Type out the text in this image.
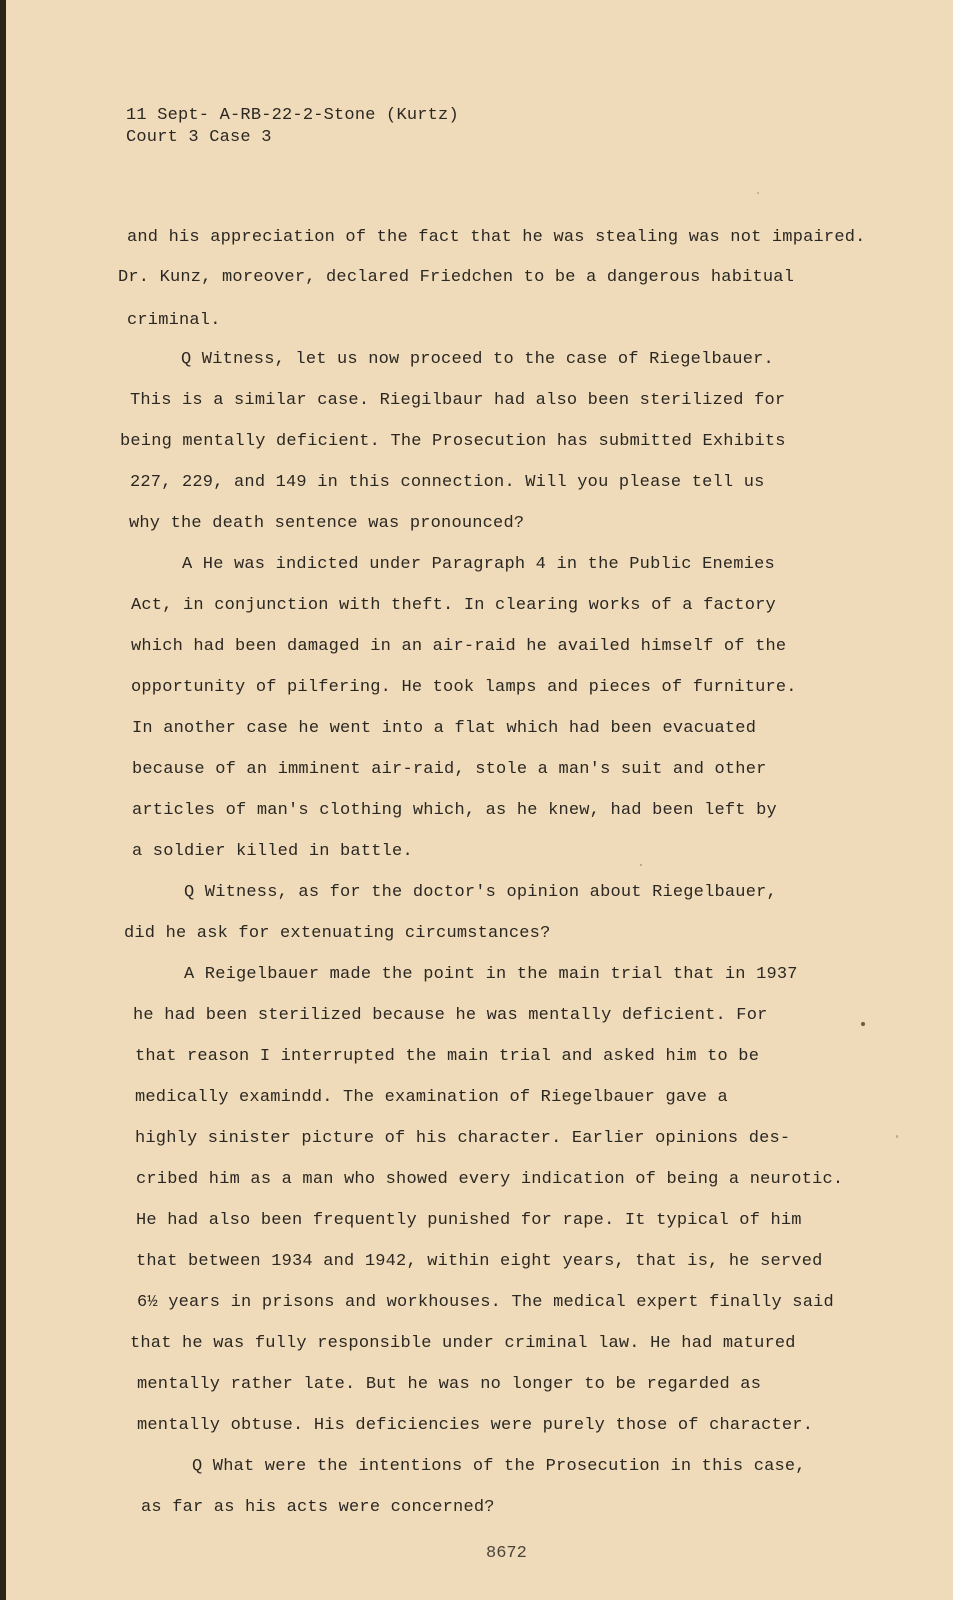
11 Sept- A-RB-22-2-Stone (Kurtz)
Court 3 Case 3
and his appreciation of the fact that he was stealing was not impaired.
Dr. Kunz, moreover, declared Friedchen to be a dangerous habitual
criminal.
Q Witness, let us now proceed to the case of Riegelbauer.
This is a similar case. Riegilbaur had also been sterilized for
being mentally deficient. The Prosecution has submitted Exhibits
227, 229, and 149 in this connection. Will you please tell us
why the death sentence was pronounced?
A He was indicted under Paragraph 4 in the Public Enemies
Act, in conjunction with theft. In clearing works of a factory
which had been damaged in an air-raid he availed himself of the
opportunity of pilfering. He took lamps and pieces of furniture.
In another case he went into a flat which had been evacuated
because of an imminent air-raid, stole a man's suit and other
articles of man's clothing which, as he knew, had been left by
a soldier killed in battle.
Q Witness, as for the doctor's opinion about Riegelbauer,
did he ask for extenuating circumstances?
A Reigelbauer made the point in the main trial that in 1937
he had been sterilized because he was mentally deficient. For
that reason I interrupted the main trial and asked him to be
medically examindd. The examination of Riegelbauer gave a
highly sinister picture of his character. Earlier opinions des-
cribed him as a man who showed every indication of being a neurotic.
He had also been frequently punished for rape. It typical of him
that between 1934 and 1942, within eight years, that is, he served
6½ years in prisons and workhouses. The medical expert finally said
that he was fully responsible under criminal law. He had matured
mentally rather late. But he was no longer to be regarded as
mentally obtuse. His deficiencies were purely those of character.
Q What were the intentions of the Prosecution in this case,
as far as his acts were concerned?
8672
